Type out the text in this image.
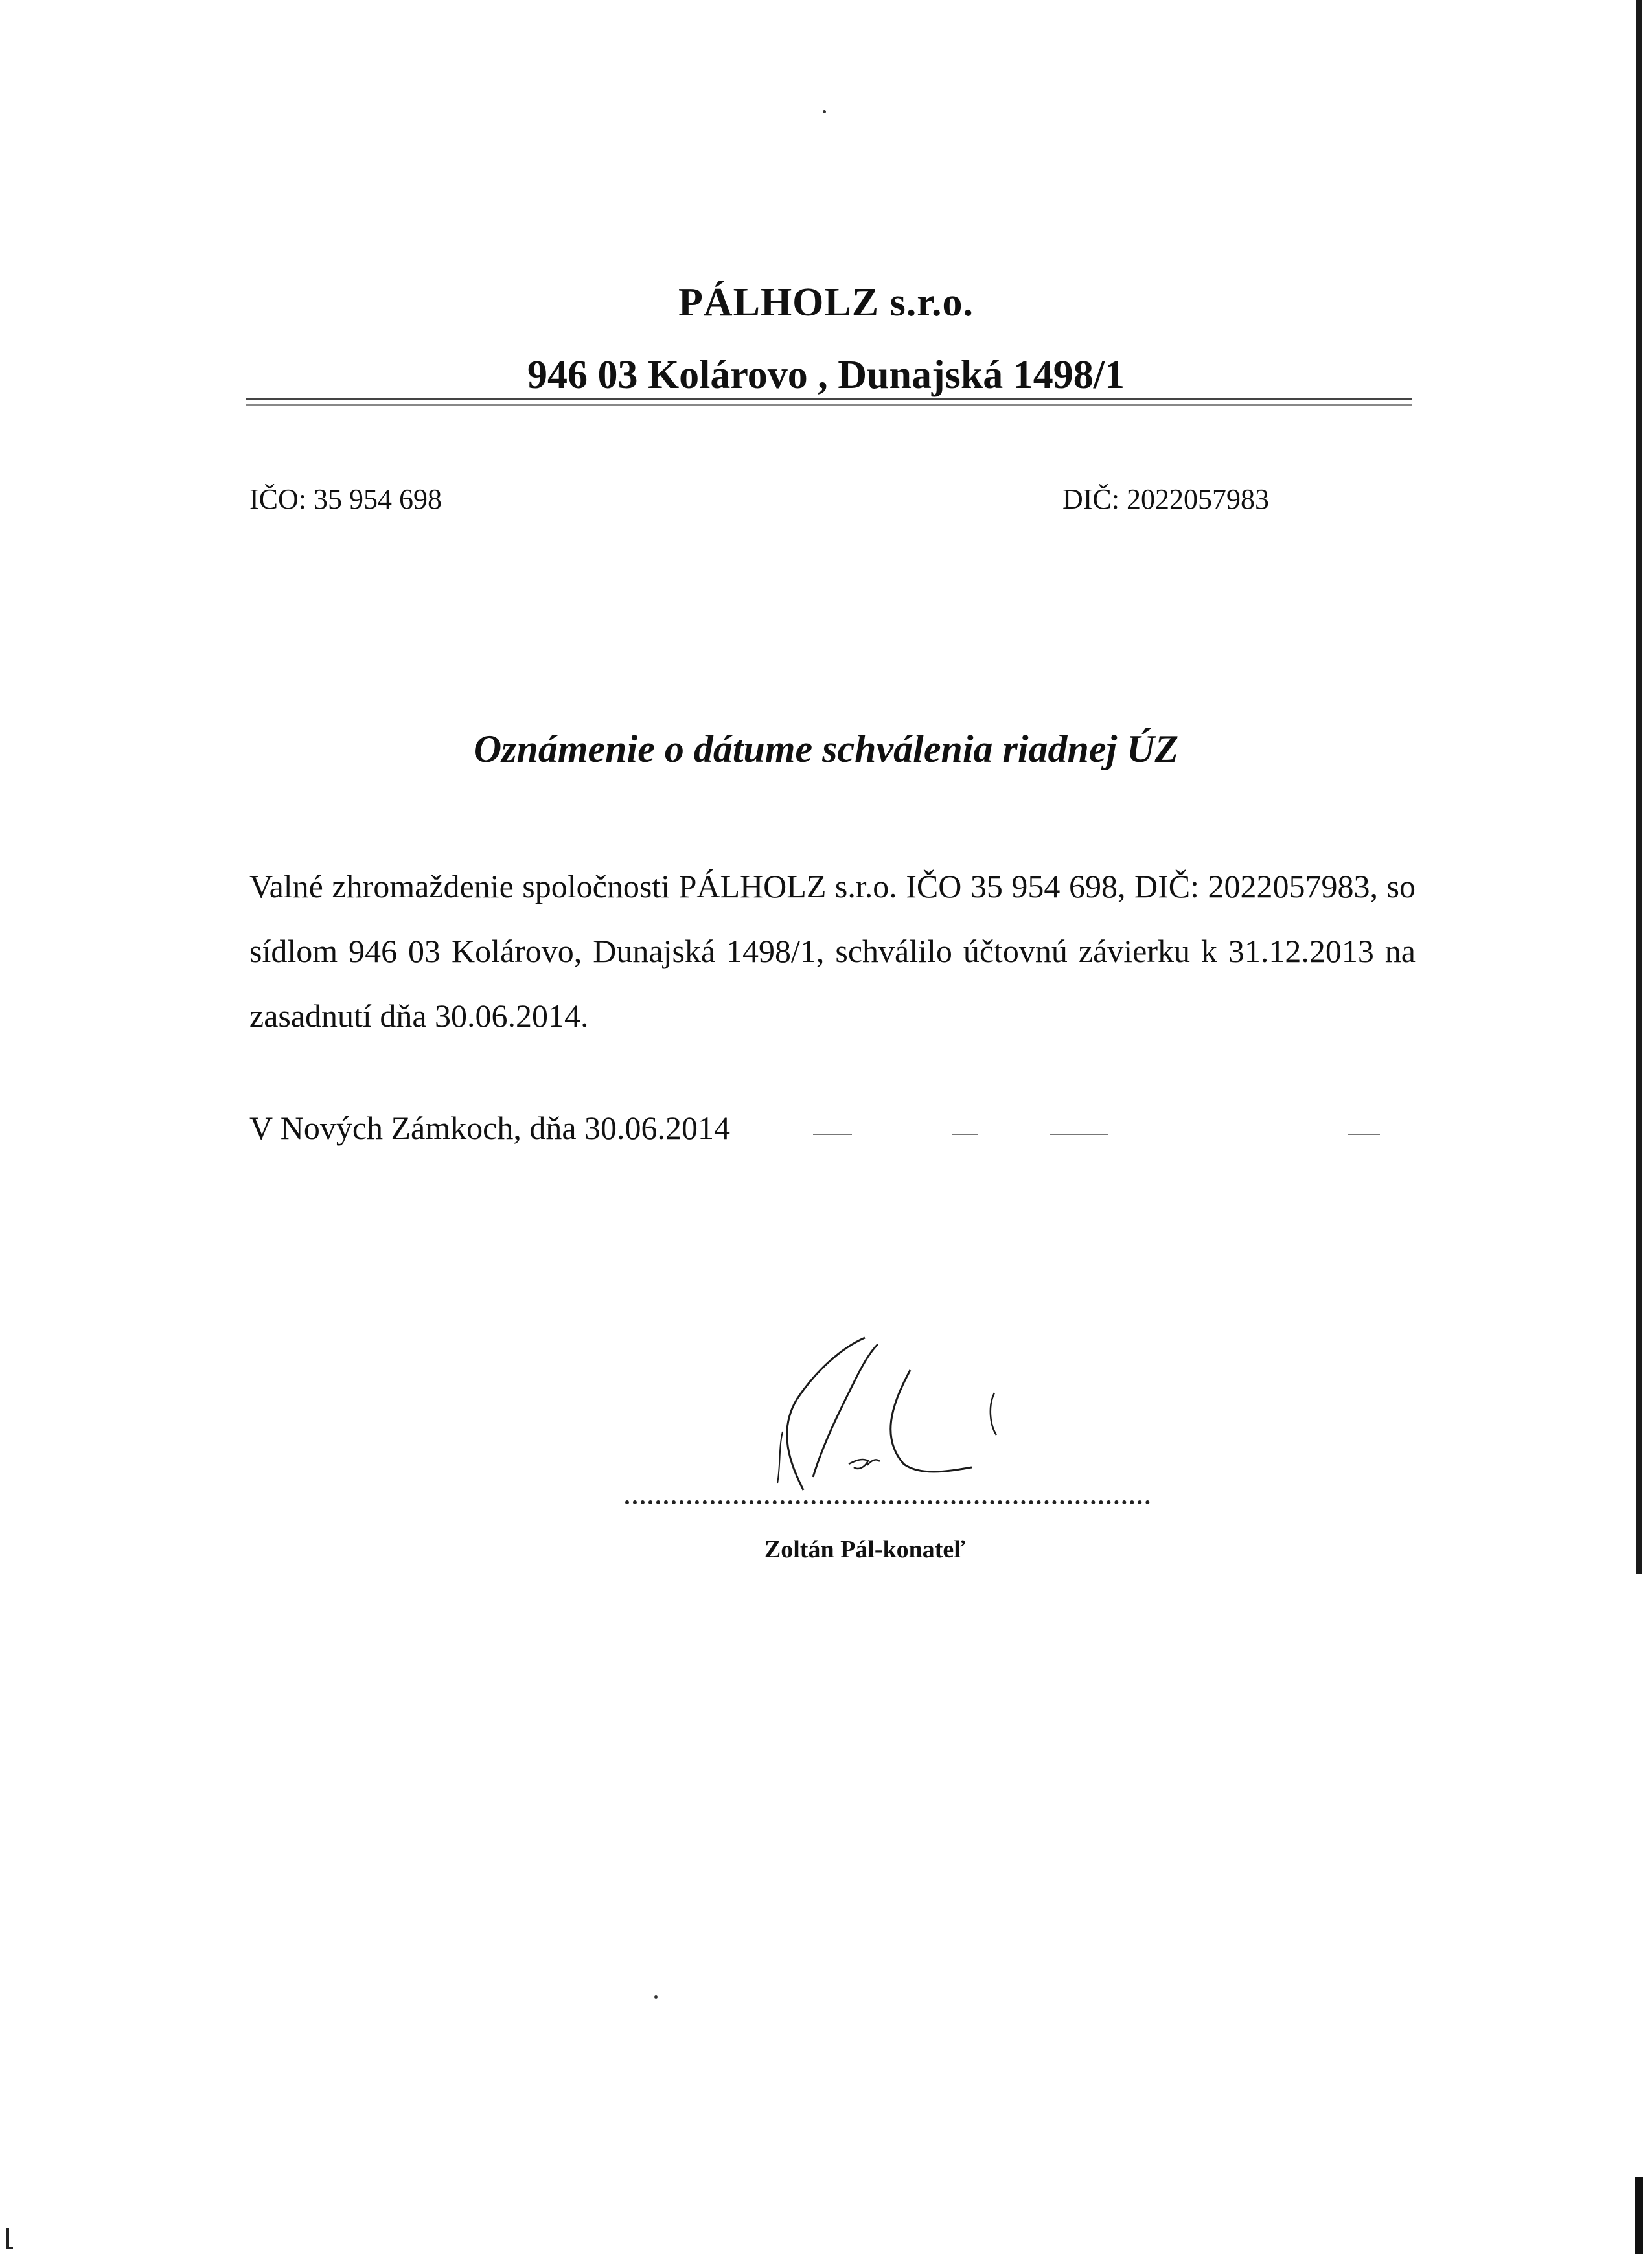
PÁLHOLZ s.r.o.
946 03 Kolárovo , Dunajská 1498/1
IČO: 35 954 698	DIČ: 2022057983
Oznámenie o dátume schválenia riadnej ÚZ
Valné zhromaždenie spoločnosti PÁLHOLZ s.r.o. IČO 35 954 698, DIČ: 2022057983, so sídlom 946 03 Kolárovo, Dunajská 1498/1, schválilo účtovnú závierku k 31.12.2013 na zasadnutí dňa 30.06.2014.
V Nových Zámkoch, dňa 30.06.2014
Zoltán Pál-konateľ
